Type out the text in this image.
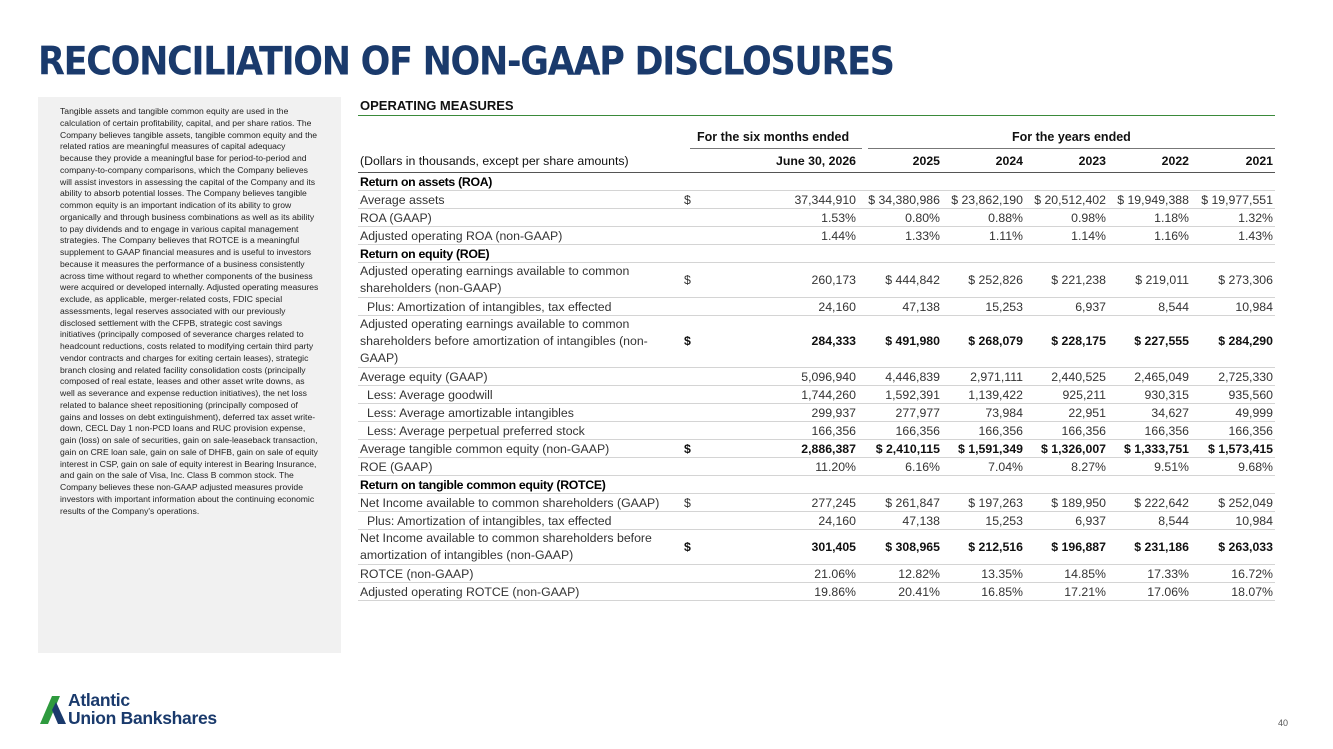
RECONCILIATION OF NON-GAAP DISCLOSURES

Tangible assets and tangible common equity are used in the calculation of certain profitability, capital, and per share ratios. The Company believes tangible assets, tangible common equity and the related ratios are meaningful measures of capital adequacy because they provide a meaningful base for period-to-period and company-to-company comparisons, which the Company believes will assist investors in assessing the capital of the Company and its ability to absorb potential losses. The Company believes tangible common equity is an important indication of its ability to grow organically and through business combinations as well as its ability to pay dividends and to engage in various capital management strategies. The Company believes that ROTCE is a meaningful supplement to GAAP financial measures and is useful to investors because it measures the performance of a business consistently across time without regard to whether components of the business were acquired or developed internally. Adjusted operating measures exclude, as applicable, merger-related costs, FDIC special assessments, legal reserves associated with our previously disclosed settlement with the CFPB, strategic cost savings initiatives (principally composed of severance charges related to headcount reductions, costs related to modifying certain third party vendor contracts and charges for exiting certain leases), strategic branch closing and related facility consolidation costs (principally composed of real estate, leases and other asset write downs, as well as severance and expense reduction initiatives), the net loss related to balance sheet repositioning (principally composed of gains and losses on debt extinguishment), deferred tax asset write-down, CECL Day 1 non-PCD loans and RUC provision expense, gain (loss) on sale of securities, gain on sale-leaseback transaction, gain on CRE loan sale, gain on sale of DHFB, gain on sale of equity interest in CSP, gain on sale of equity interest in Bearing Insurance, and gain on the sale of Visa, Inc. Class B common stock. The Company believes these non-GAAP adjusted measures provide investors with important information about the continuing economic results of the Company's operations.

OPERATING MEASURES
For the six months ended	For the years ended
(Dollars in thousands, except per share amounts)		June 30, 2026	2025	2024	2023	2022	2021
Return on assets (ROA)							
Average assets	$	37,344,910	$ 34,380,986	$ 23,862,190	$ 20,512,402	$ 19,949,388	$ 19,977,551
ROA (GAAP)		1.53%	0.80%	0.88%	0.98%	1.18%	1.32%
Adjusted operating ROA (non-GAAP)		1.44%	1.33%	1.11%	1.14%	1.16%	1.43%
Return on equity (ROE)							
Adjusted operating earnings available to common shareholders (non-GAAP)	$	260,173	$ 444,842	$ 252,826	$ 221,238	$ 219,011	$ 273,306
Plus: Amortization of intangibles, tax effected		24,160	47,138	15,253	6,937	8,544	10,984
Adjusted operating earnings available to common shareholders before amortization of intangibles (non-GAAP)	$	284,333	$ 491,980	$ 268,079	$ 228,175	$ 227,555	$ 284,290
Average equity (GAAP)		5,096,940	4,446,839	2,971,111	2,440,525	2,465,049	2,725,330
Less: Average goodwill		1,744,260	1,592,391	1,139,422	925,211	930,315	935,560
Less: Average amortizable intangibles		299,937	277,977	73,984	22,951	34,627	49,999
Less: Average perpetual preferred stock		166,356	166,356	166,356	166,356	166,356	166,356
Average tangible common equity (non-GAAP)	$	2,886,387	$ 2,410,115	$ 1,591,349	$ 1,326,007	$ 1,333,751	$ 1,573,415
ROE (GAAP)		11.20%	6.16%	7.04%	8.27%	9.51%	9.68%
Return on tangible common equity (ROTCE)							
Net Income available to common shareholders (GAAP)	$	277,245	$ 261,847	$ 197,263	$ 189,950	$ 222,642	$ 252,049
Plus: Amortization of intangibles, tax effected		24,160	47,138	15,253	6,937	8,544	10,984
Net Income available to common shareholders before amortization of intangibles (non-GAAP)	$	301,405	$ 308,965	$ 212,516	$ 196,887	$ 231,186	$ 263,033
ROTCE (non-GAAP)		21.06%	12.82%	13.35%	14.85%	17.33%	16.72%
Adjusted operating ROTCE (non-GAAP)		19.86%	20.41%	16.85%	17.21%	17.06%	18.07%
Atlantic
Union Bankshares	40
